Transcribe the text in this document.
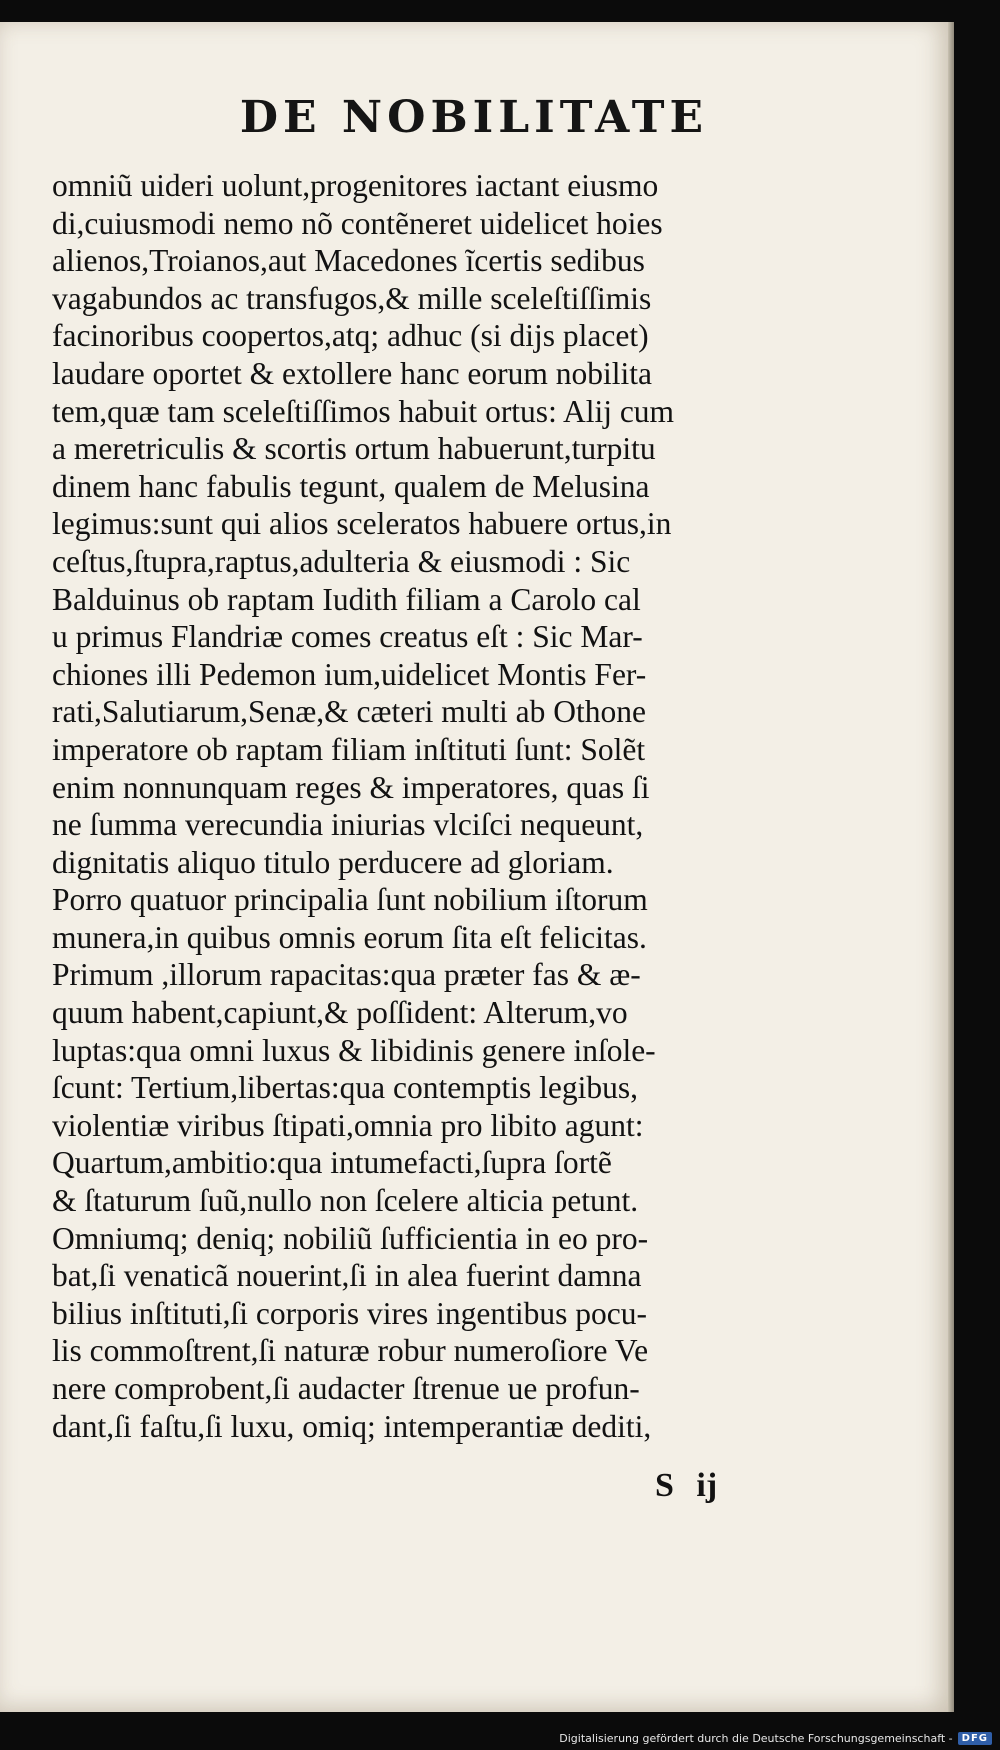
DE NOBILITATE
omniũ uideri uolunt,progenitores iactant eiusmo
di,cuiusmodi nemo nõ contẽneret uidelicet hoies
alienos,Troianos,aut Macedones ĩcertis sedibus
vagabundos ac transfugos,& mille sceleſtiſſimis
facinoribus coopertos,atq; adhuc (si dijs placet)
laudare oportet & extollere hanc eorum nobilita
tem,quæ tam sceleſtiſſimos habuit ortus: Alij cum
a meretriculis & scortis ortum habuerunt,turpitu
dinem hanc fabulis tegunt, qualem de Melusina
legimus:sunt qui alios sceleratos habuere ortus,in
ceſtus,ſtupra,raptus,adulteria & eiusmodi : Sic
Balduinus ob raptam Iudith filiam a Carolo cal
u primus Flandriæ comes creatus eſt : Sic Mar-
chiones illi Pedemon ium,uidelicet Montis Fer-
rati,Salutiarum,Senæ,& cæteri multi ab Othone
imperatore ob raptam filiam inſtituti ſunt: Solẽt
enim nonnunquam reges & imperatores, quas ſi
ne ſumma verecundia iniurias vlciſci nequeunt,
dignitatis aliquo titulo perducere ad gloriam.
Porro quatuor principalia ſunt nobilium iſtorum
munera,in quibus omnis eorum ſita eſt felicitas.
Primum ,illorum rapacitas:qua præter fas & æ-
quum habent,capiunt,& poſſident: Alterum,vo
luptas:qua omni luxus & libidinis genere inſole-
ſcunt: Tertium,libertas:qua contemptis legibus,
violentiæ viribus ſtipati,omnia pro libito agunt:
Quartum,ambitio:qua intumefacti,ſupra ſortẽ
& ſtaturum ſuũ,nullo non ſcelere alticia petunt.
Omniumq; deniq; nobiliũ ſufficientia in eo pro-
bat,ſi venaticã nouerint,ſi in alea fuerint damna
bilius inſtituti,ſi corporis vires ingentibus pocu-
lis commoſtrent,ſi naturæ robur numeroſiore Ve
nere comprobent,ſi audacter ſtrenue ue profun-
dant,ſi faſtu,ſi luxu, omiq; intemperantiæ dediti,
S ij
Digitalisierung gefördert durch die Deutsche Forschungsgemeinschaft - DFG
